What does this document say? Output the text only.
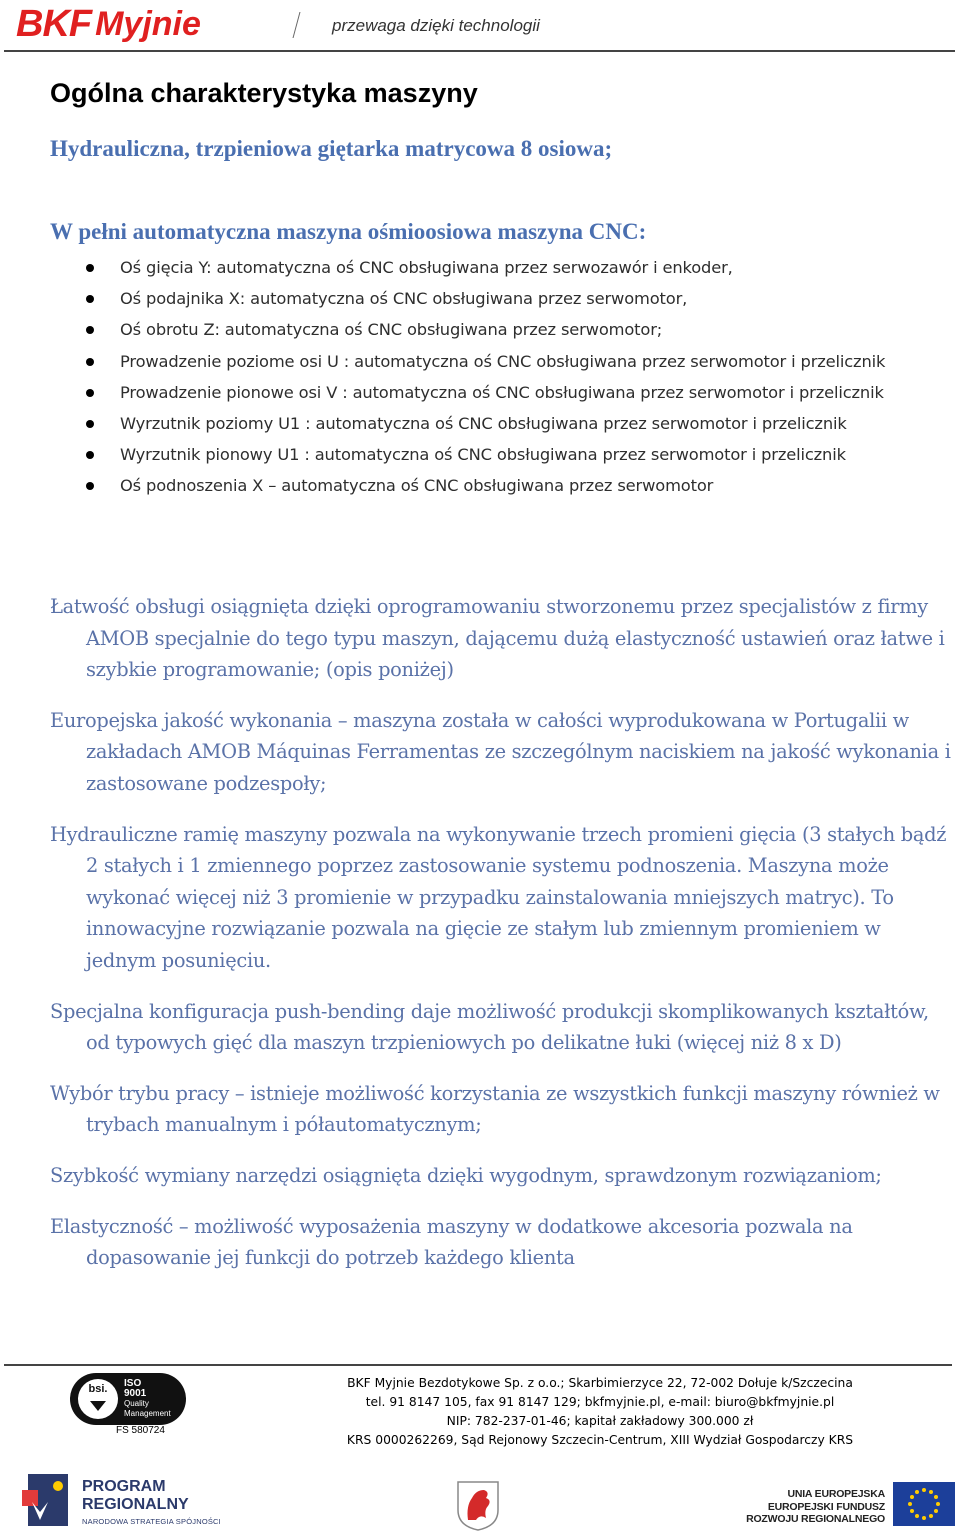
BKF Myjnie	przewaga dzięki technologii
Ogólna charakterystyka maszyny
Hydrauliczna, trzpieniowa giętarka matrycowa 8 osiowa;
W pełni automatyczna maszyna ośmioosiowa maszyna CNC:
Oś gięcia Y: automatyczna oś CNC obsługiwana przez serwozawór i enkoder,
Oś podajnika X: automatyczna oś CNC obsługiwana przez serwomotor,
Oś obrotu Z: automatyczna oś CNC obsługiwana przez serwomotor;
Prowadzenie poziome osi U : automatyczna oś CNC obsługiwana przez serwomotor i przelicznik
Prowadzenie pionowe osi V : automatyczna oś CNC obsługiwana przez serwomotor i przelicznik
Wyrzutnik poziomy U1 : automatyczna oś CNC obsługiwana przez serwomotor i przelicznik
Wyrzutnik pionowy U1 : automatyczna oś CNC obsługiwana przez serwomotor i przelicznik
Oś podnoszenia X – automatyczna oś CNC obsługiwana przez serwomotor

Łatwość obsługi osiągnięta dzięki oprogramowaniu stworzonemu przez specjalistów z firmy AMOB specjalnie do tego typu maszyn, dającemu dużą elastyczność ustawień oraz łatwe i szybkie programowanie; (opis poniżej)

Europejska jakość wykonania – maszyna została w całości wyprodukowana w Portugalii w zakładach AMOB Máquinas Ferramentas ze szczególnym naciskiem na jakość wykonania i zastosowane podzespoły;

Hydrauliczne ramię maszyny pozwala na wykonywanie trzech promieni gięcia (3 stałych bądź 2 stałych i 1 zmiennego poprzez zastosowanie systemu podnoszenia. Maszyna może wykonać więcej niż 3 promienie w przypadku zainstalowania mniejszych matryc). To innowacyjne rozwiązanie pozwala na gięcie ze stałym lub zmiennym promieniem w jednym posunięciu.

Specjalna konfiguracja push-bending daje możliwość produkcji skomplikowanych kształtów, od typowych gięć dla maszyn trzpieniowych po delikatne łuki (więcej niż 8 x D)

Wybór trybu pracy – istnieje możliwość korzystania ze wszystkich funkcji maszyny również w trybach manualnym i półautomatycznym;

Szybkość wymiany narzędzi osiągnięta dzięki wygodnym, sprawdzonym rozwiązaniom;

Elastyczność – możliwość wyposażenia maszyny w dodatkowe akcesoria pozwala na dopasowanie jej funkcji do potrzeb każdego klienta

bsi.	ISO
9001
Quality
Management
FS 580724
BKF Myjnie Bezdotykowe Sp. z o.o.; Skarbimierzyce 22, 72-002 Dołuje k/Szczecina
tel. 91 8147 105, fax 91 8147 129; bkfmyjnie.pl, e-mail: biuro@bkfmyjnie.pl
NIP: 782-237-01-46; kapitał zakładowy 300.000 zł
KRS 0000262269, Sąd Rejonowy Szczecin-Centrum, XIII Wydział Gospodarczy KRS
PROGRAM
REGIONALNY
NARODOWA STRATEGIA SPÓJNOŚCI
UNIA EUROPEJSKA
EUROPEJSKI FUNDUSZ
ROZWOJU REGIONALNEGO
